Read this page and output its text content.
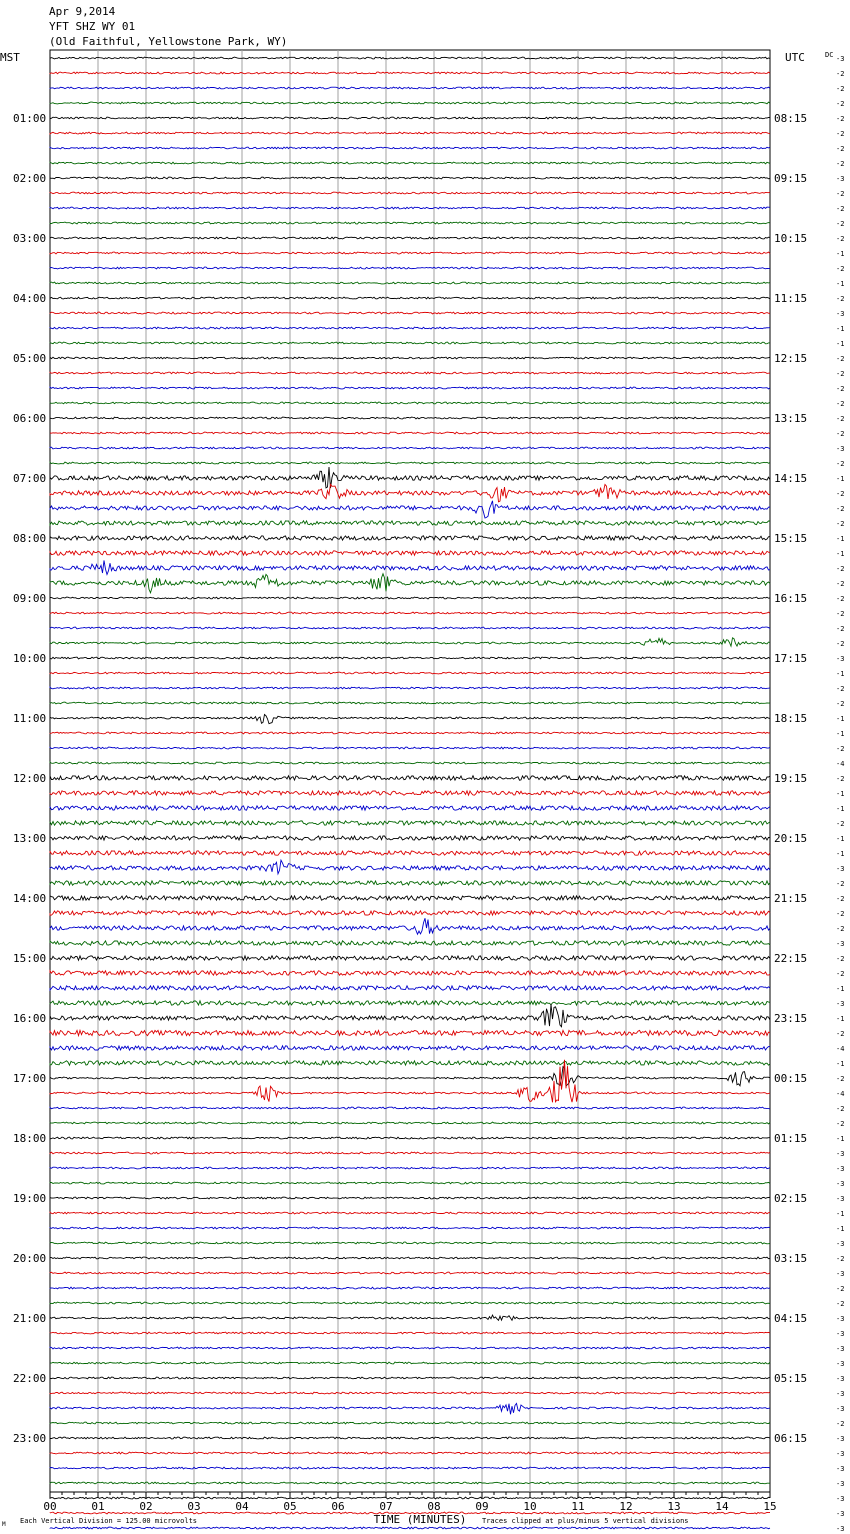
Apr 9,2014
YFT SHZ WY 01
(Old Faithful, Yellowstone Park, WY)
-3
-2
-2
-2
-2
-2
-2
-2
-3
-2
-2
-2
-2
-1
-2
-1
-2
-3
-1
-1
-2
-2
-2
-2
-2
-2
-3
-2
-1
-2
-2
-2
-1
-1
-2
-2
-2
-2
-2
-2
-3
-1
-2
-2
-1
-1
-2
-4
-2
-1
-1
-2
-1
-1
-3
-2
-2
-2
-2
-3
-2
-2
-1
-3
-1
-2
-4
-1
-2
-4
-2
-2
-1
-3
-3
-3
-3
-1
-1
-3
-2
-3
-2
-2
-3
-3
-3
-3
-3
-3
-3
-2
-3
-3
-3
-3
-3
-3
-3
MST	UTC	DC
01:00
02:00
03:00
04:00
05:00
06:00
07:00
08:00
09:00
10:00
11:00
12:00
13:00
14:00
15:00
16:00
17:00
18:00
19:00
20:00
21:00
22:00
23:00
08:15
09:15
10:15
11:15
12:15
13:15
14:15
15:15
16:15
17:15
18:15
19:15
20:15
21:15
22:15
23:15
00:15
01:15
02:15
03:15
04:15
05:15
06:15
00	01	02	03	04	05	06	07	08	09	10	11	12	13	14	15
TIME (MINUTES)
Each Vertical Division = 125.00 microvolts	Traces clipped at plus/minus 5 vertical divisions
M
